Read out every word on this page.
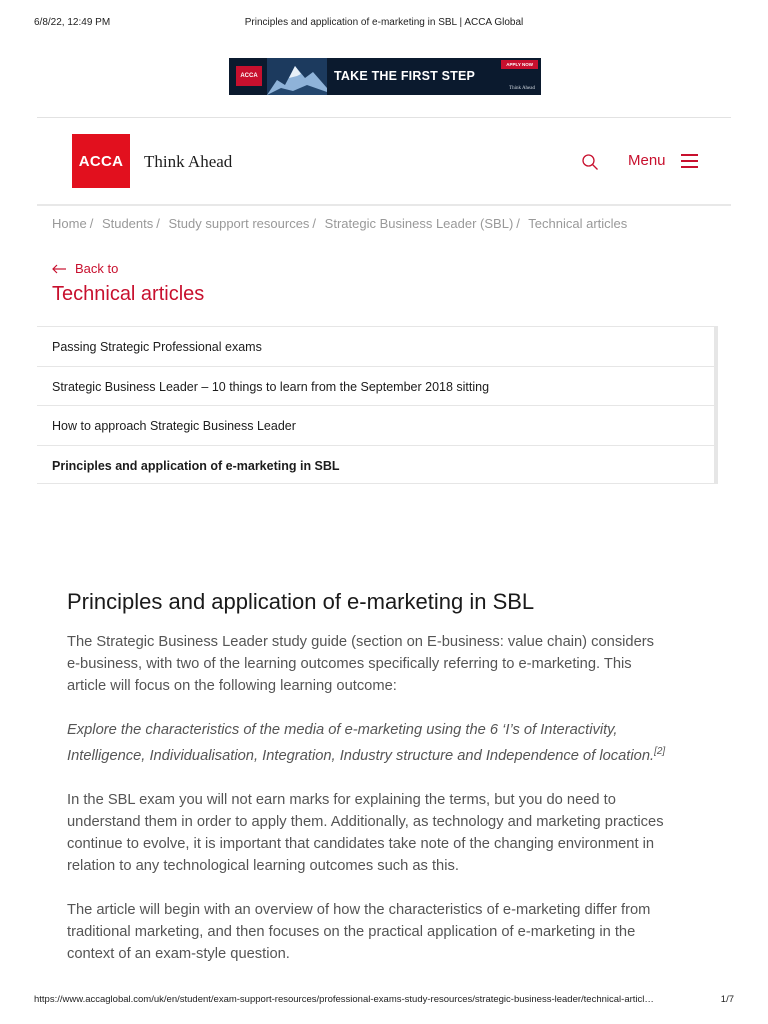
6/8/22, 12:49 PM	Principles and application of e-marketing in SBL | ACCA Global
ACCA	TAKE THE FIRST STEP
APPLY NOW
Think Ahead
ACCA	Think Ahead	Menu
Home / Students / Study support resources / Strategic Business Leader (SBL) / Technical articles
Back to
Technical articles
Passing Strategic Professional exams
Strategic Business Leader – 10 things to learn from the September 2018 sitting
How to approach Strategic Business Leader
Principles and application of e-marketing in SBL
Principles and application of e-marketing in SBL

The Strategic Business Leader study guide (section on E-business: value chain) considers e-business, with two of the learning outcomes specifically referring to e-marketing. This article will focus on the following learning outcome:

Explore the characteristics of the media of e-marketing using the 6 ‘I’s of Interactivity, Intelligence, Individualisation, Integration, Industry structure and Independence of location.[2]

In the SBL exam you will not earn marks for explaining the terms, but you do need to understand them in order to apply them. Additionally, as technology and marketing practices continue to evolve, it is important that candidates take note of the changing environment in relation to any technological learning outcomes such as this.

The article will begin with an overview of how the characteristics of e-marketing differ from traditional marketing, and then focuses on the practical application of e-marketing in the context of an exam-style question.

https://www.accaglobal.com/uk/en/student/exam-support-resources/professional-exams-study-resources/strategic-business-leader/technical-articl…	1/7
